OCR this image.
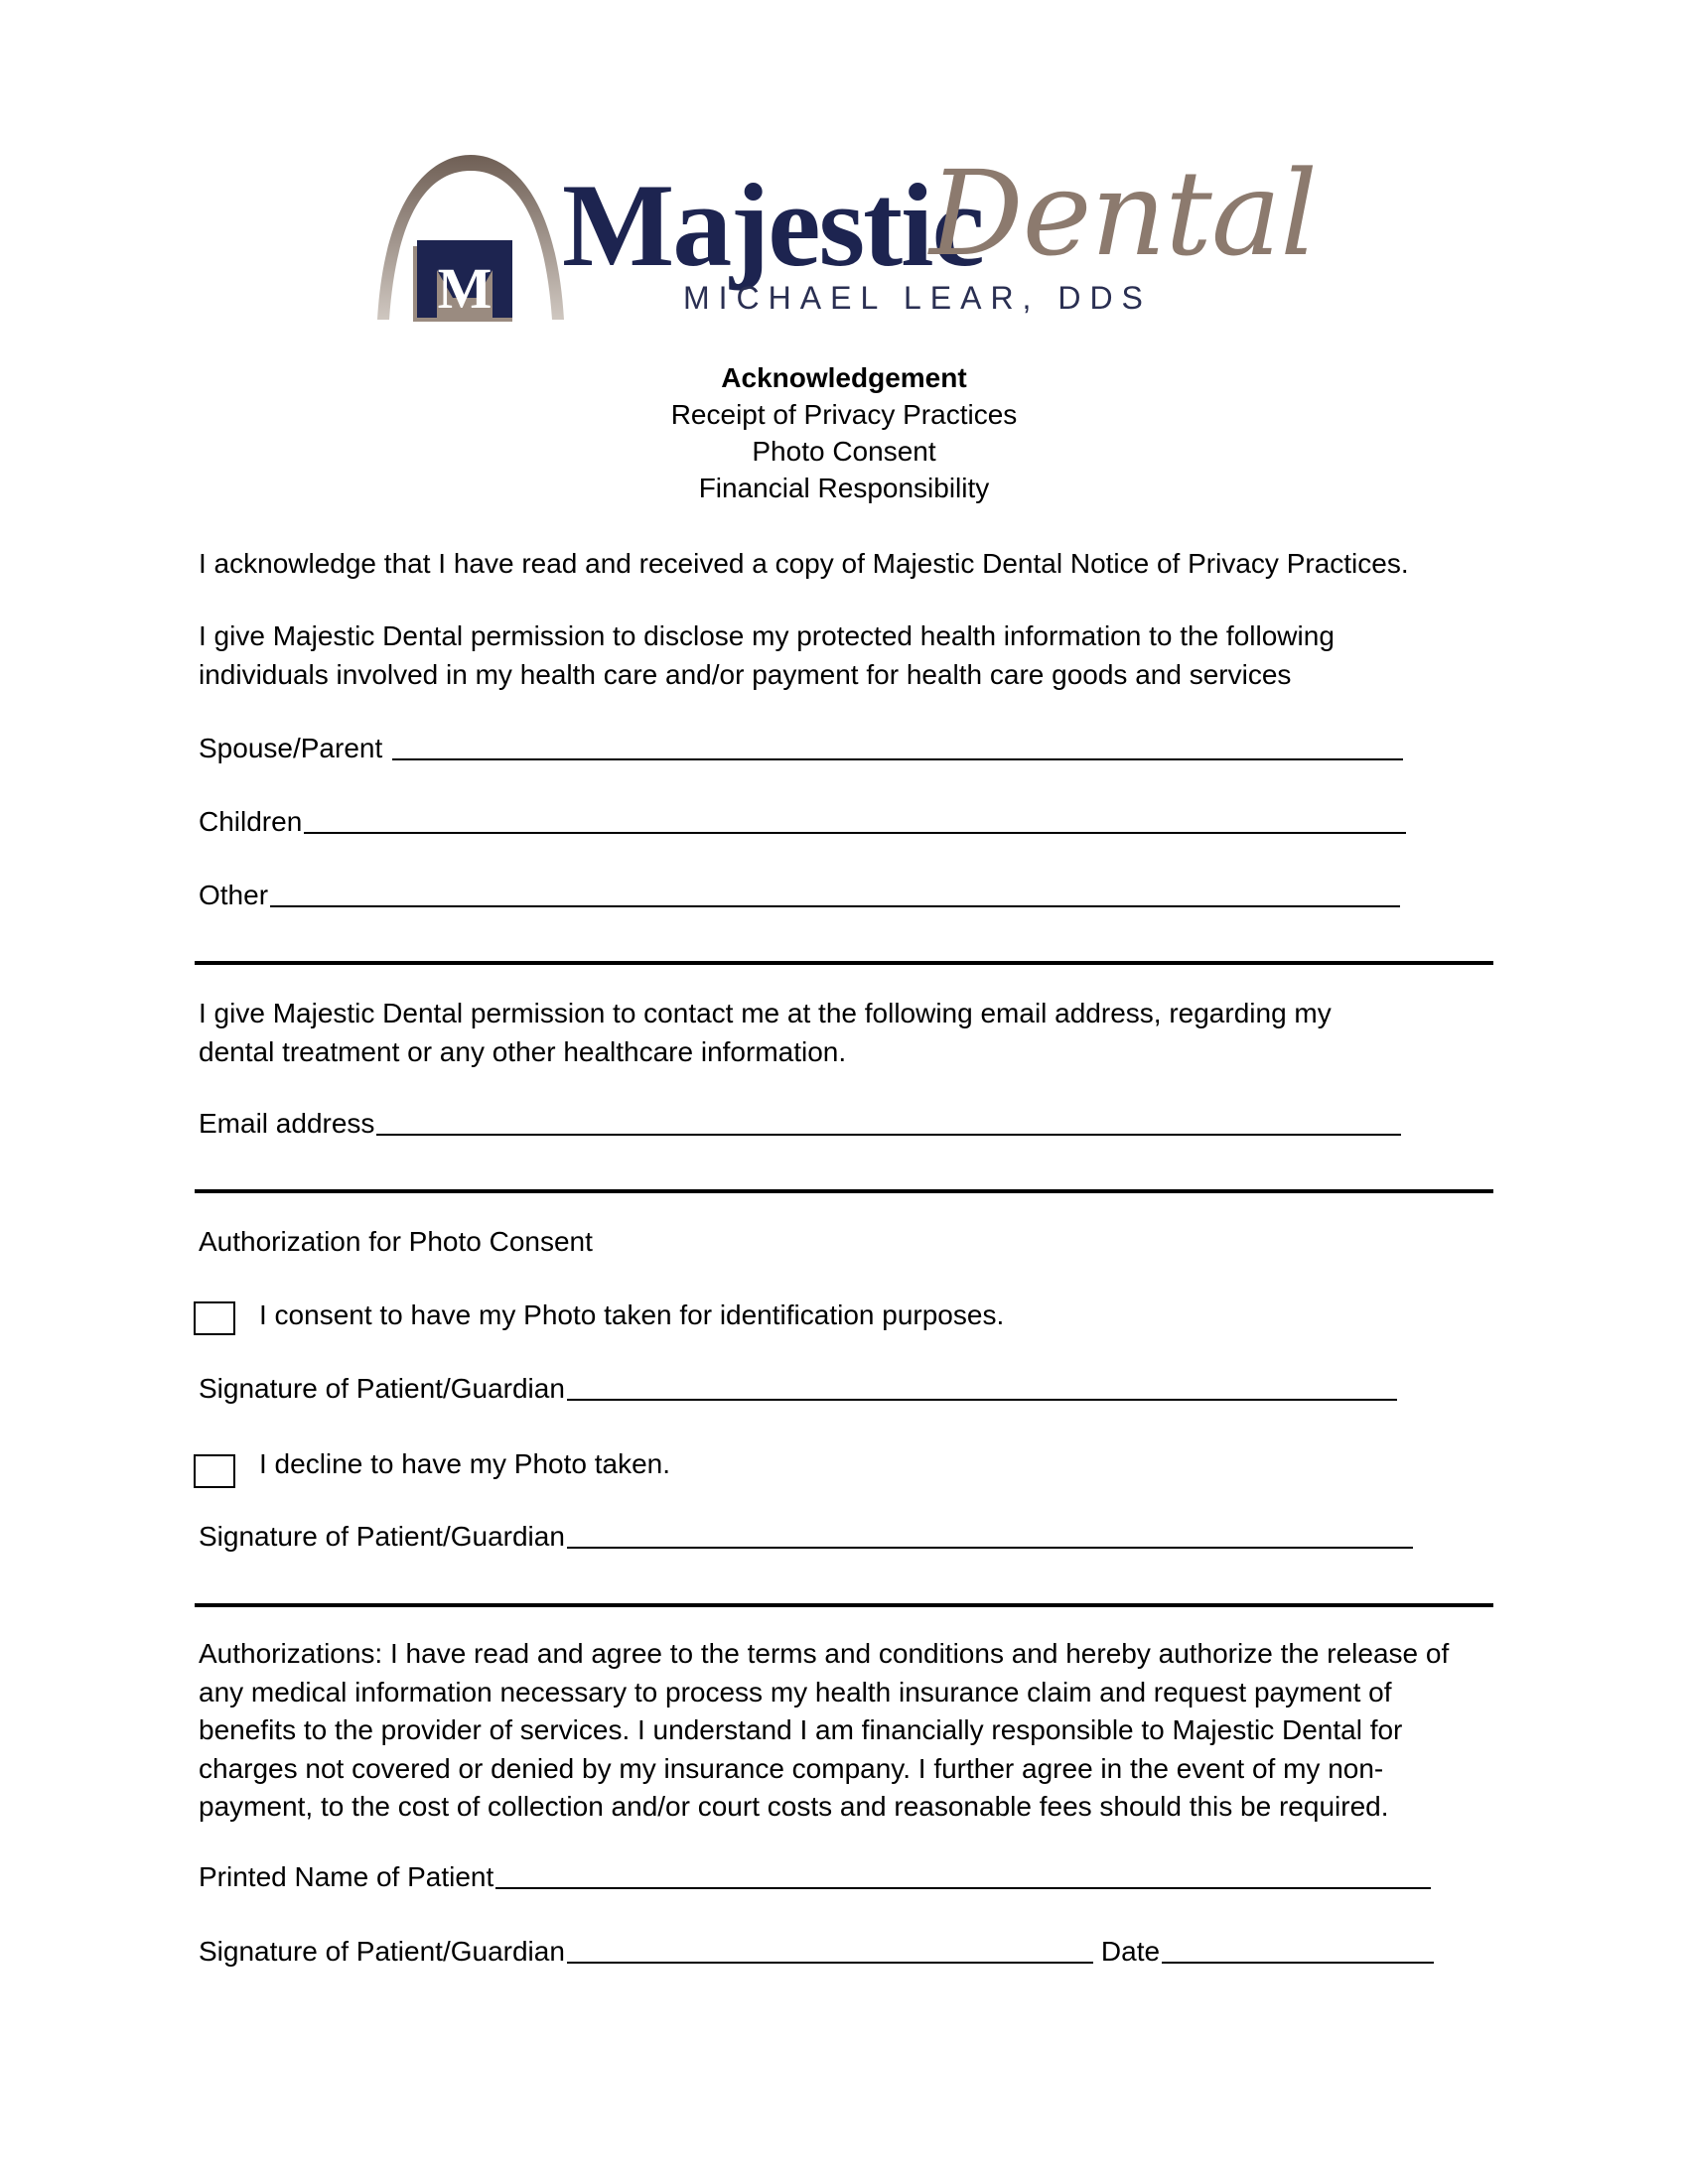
M Majestic
Dental
MICHAEL LEAR, DDS
Acknowledgement
Receipt of Privacy Practices
Photo Consent
Financial Responsibility
I acknowledge that I have read and received a copy of Majestic Dental Notice of Privacy Practices.
I give Majestic Dental permission to disclose my protected health information to the following individuals involved in my health care and/or payment for health care goods and services
Spouse/Parent
Children
Other
I give Majestic Dental permission to contact me at the following email address, regarding my dental treatment or any other healthcare information.
Email address
Authorization for Photo Consent
I consent to have my Photo taken for identification purposes.
Signature of Patient/Guardian
I decline to have my Photo taken.
Signature of Patient/Guardian
Authorizations: I have read and agree to the terms and conditions and hereby authorize the release of any medical information necessary to process my health insurance claim and request payment of benefits to the provider of services. I understand I am financially responsible to Majestic Dental for charges not covered or denied by my insurance company. I further agree in the event of my non-payment, to the cost of collection and/or court costs and reasonable fees should this be required.
Printed Name of Patient
Signature of Patient/Guardian	Date
